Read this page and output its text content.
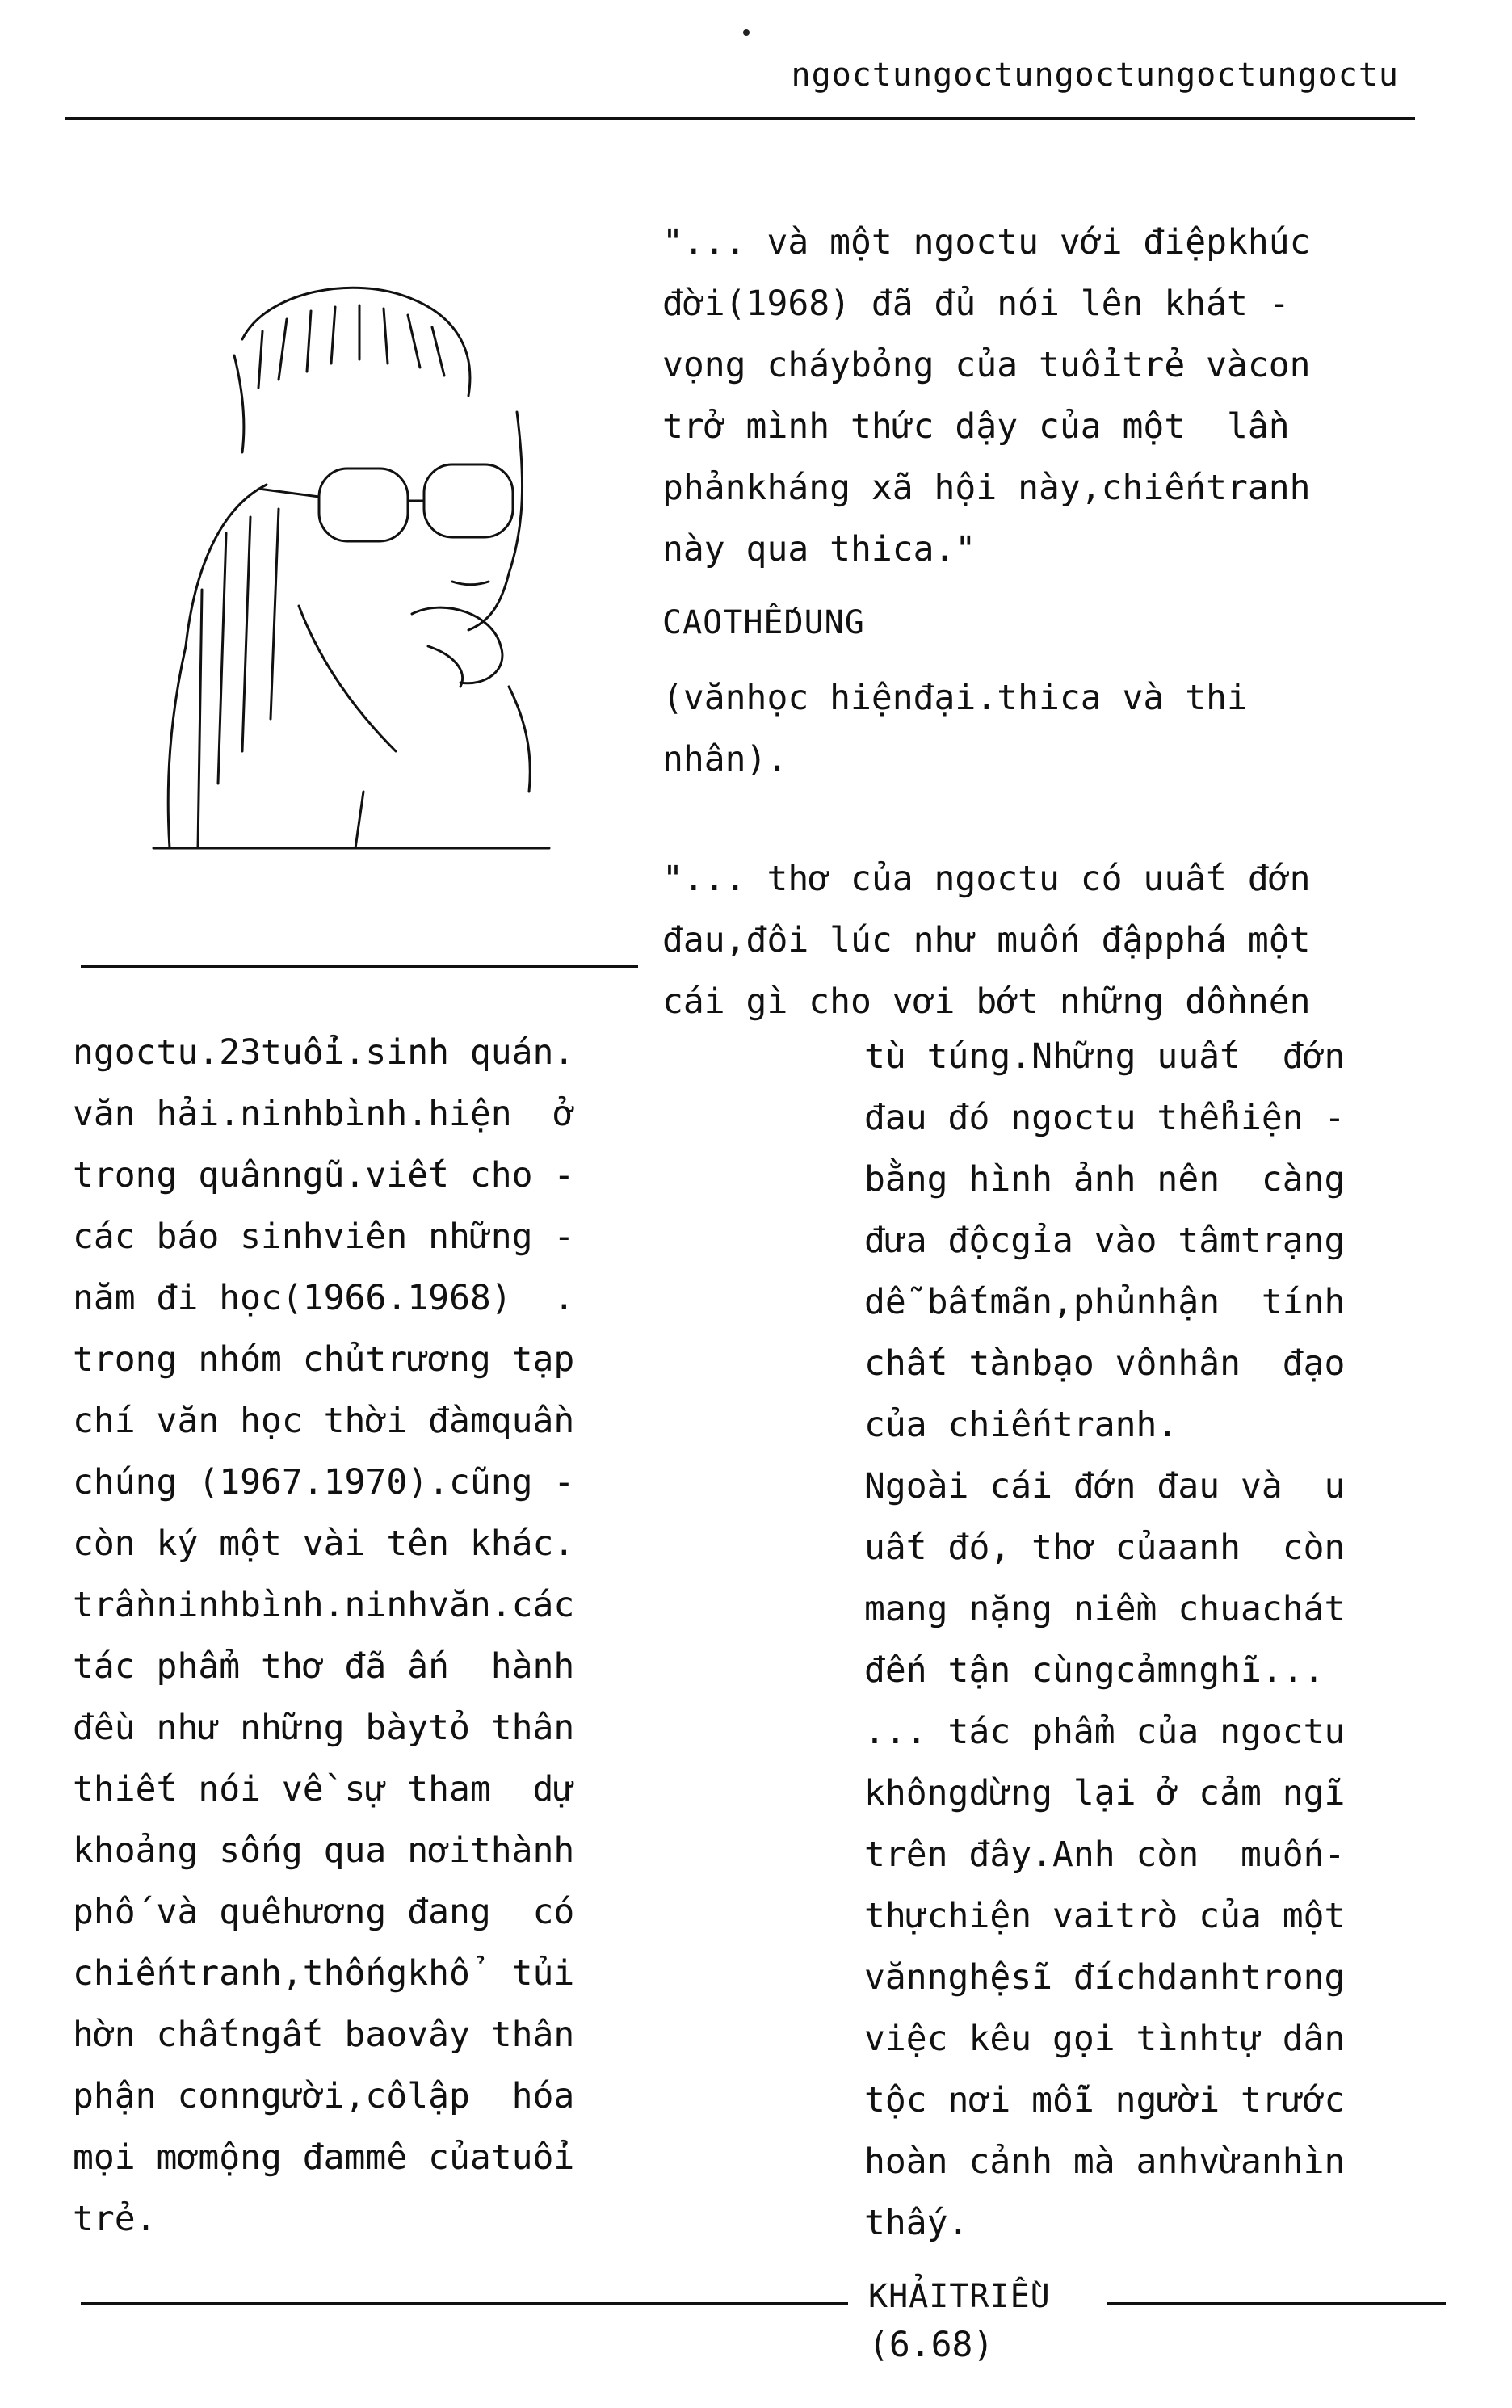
ngoctungoctungoctungoctungoctu
"... và một ngoctu với điệpkhúc
đời(1968) đã đủ nói lên khát -
vọng cháybỏng của tuổitrẻ vàcon
trở mình thức dậy của một  lần
phảnkháng xã hội này,chiếntranh
này qua thica."
CAOTHẾDUNG
(vănhọc hiệnđại.thica và thi
nhân).
"... thơ của ngoctu có uuất đớn
đau,đôi lúc như muốn đậpphá một
cái gì cho vơi bớt những dồnnén
ngoctu.23tuổi.sinh quán.
văn hải.ninhbình.hiện  ở
trong quânngũ.viết cho -
các báo sinhviên những -
năm đi học(1966.1968)  .
trong nhóm chủtrương tạp
chí văn học thời đàmquần
chúng (1967.1970).cũng -
còn ký một vài tên khác.
trầnninhbình.ninhvăn.các
tác phẩm thơ đã ấn  hành
đều như những bàytỏ thân
thiết nói về sự tham  dự
khoảng sống qua nơithành
phố và quêhương đang  có
chiếntranh,thốngkhổ  tủi
hờn chấtngất baovây thân
phận conngười,côlập  hóa
mọi mơmộng đammê củatuổi
trẻ.
tù túng.Những uuất  đớn
đau đó ngoctu thểhiện -
bằng hình ảnh nên  càng
đưa độcgỉa vào tâmtrạng
dễ bấtmãn,phủnhận  tính
chất tànbạo vônhân  đạo
của chiếntranh.
Ngoài cái đớn đau và  u
uất đó, thơ củaanh  còn
mang nặng niềm chuachát
đến tận cùngcảmnghĩ...
... tác phẩm của ngoctu
khôngdừng lại ở cảm ngĩ
trên đây.Anh còn  muốn-
thựchiện vaitrò của một
vănnghệsĩ đíchdanhtrong
việc kêu gọi tìnhtự dân
tộc nơi mỗi người trước
hoàn cảnh mà anhvừanhìn
thấy.
KHẢITRIỀU
(6.68)
